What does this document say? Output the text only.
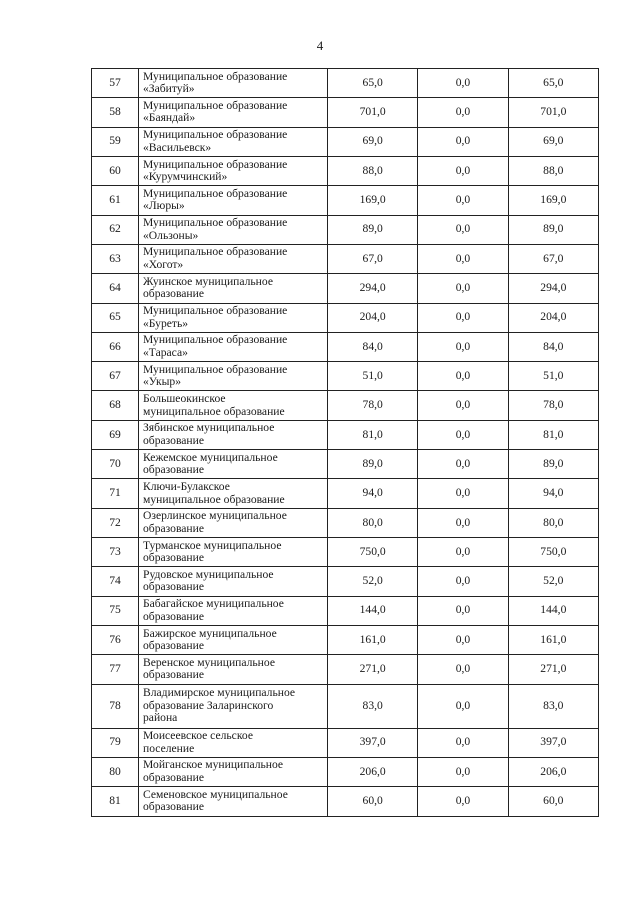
4
57	Муниципальное образование
«Забитуй»	65,0	0,0	65,0
58	Муниципальное образование
«Баяндай»	701,0	0,0	701,0
59	Муниципальное образование
«Васильевск»	69,0	0,0	69,0
60	Муниципальное образование
«Курумчинский»	88,0	0,0	88,0
61	Муниципальное образование
«Люры»	169,0	0,0	169,0
62	Муниципальное образование
«Ользоны»	89,0	0,0	89,0
63	Муниципальное образование
«Хогот»	67,0	0,0	67,0
64	Жуинское муниципальное
образование	294,0	0,0	294,0
65	Муниципальное образование
«Буреть»	204,0	0,0	204,0
66	Муниципальное образование
«Тараса»	84,0	0,0	84,0
67	Муниципальное образование
«Укыр»	51,0	0,0	51,0
68	Большеокинское
муниципальное образование	78,0	0,0	78,0
69	Зябинское муниципальное
образование	81,0	0,0	81,0
70	Кежемское муниципальное
образование	89,0	0,0	89,0
71	Ключи-Булакское
муниципальное образование	94,0	0,0	94,0
72	Озерлинское муниципальное
образование	80,0	0,0	80,0
73	Турманское муниципальное
образование	750,0	0,0	750,0
74	Рудовское муниципальное
образование	52,0	0,0	52,0
75	Бабагайское муниципальное
образование	144,0	0,0	144,0
76	Бажирское муниципальное
образование	161,0	0,0	161,0
77	Веренское муниципальное
образование	271,0	0,0	271,0
78	Владимирское муниципальное
образование Заларинского
района	83,0	0,0	83,0
79	Моисеевское сельское
поселение	397,0	0,0	397,0
80	Мойганское муниципальное
образование	206,0	0,0	206,0
81	Семеновское муниципальное
образование	60,0	0,0	60,0
